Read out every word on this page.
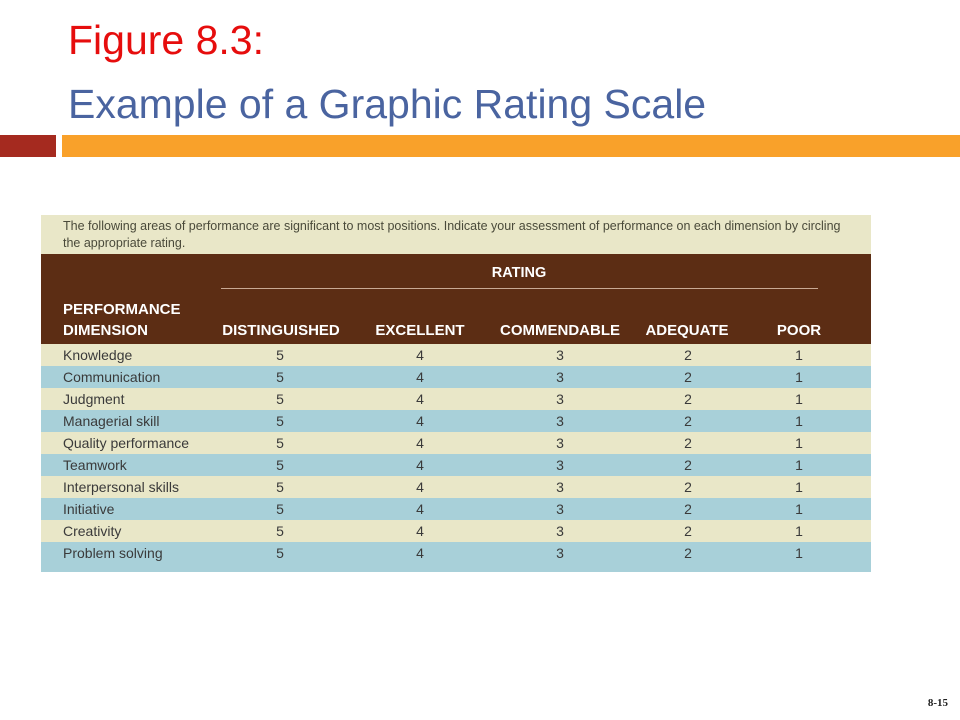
Figure 8.3:
Example of a Graphic Rating Scale
The following areas of performance are significant to most positions. Indicate your assessment of performance on each dimension by circling the appropriate rating.
RATING
PERFORMANCE
DIMENSION	DISTINGUISHED	EXCELLENT	COMMENDABLE	ADEQUATE	POOR
Knowledge	5	4	3	2	1
Communication	5	4	3	2	1
Judgment	5	4	3	2	1
Managerial skill	5	4	3	2	1
Quality performance	5	4	3	2	1
Teamwork	5	4	3	2	1
Interpersonal skills	5	4	3	2	1
Initiative	5	4	3	2	1
Creativity	5	4	3	2	1
Problem solving	5	4	3	2	1
8-15
